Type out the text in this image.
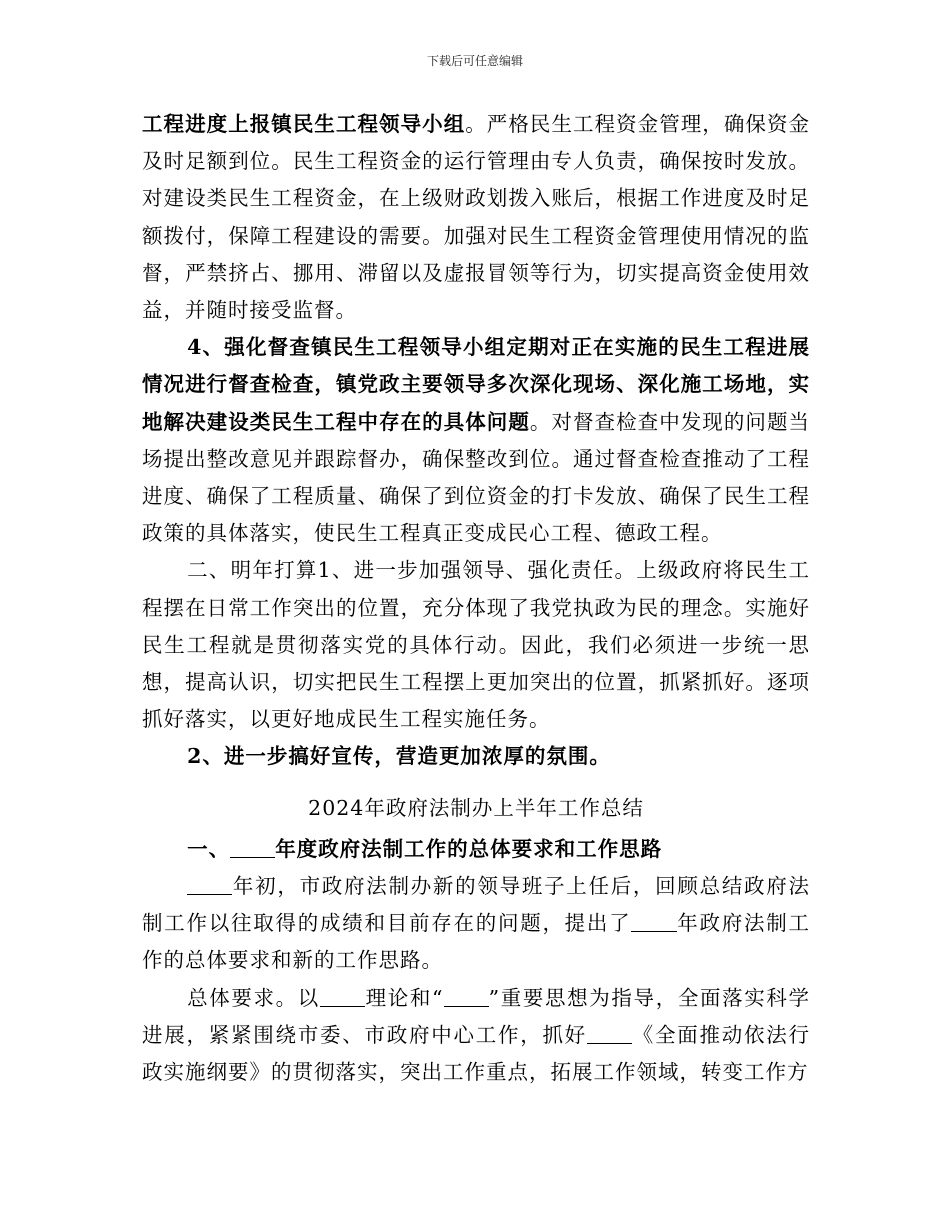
下载后可任意编辑

工程进度上报镇民生工程领导小组。严格民生工程资金管理，确保资金及时足额到位。民生工程资金的运行管理由专人负责，确保按时发放。对建设类民生工程资金，在上级财政划拨入账后，根据工作进度及时足额拨付，保障工程建设的需要。加强对民生工程资金管理使用情况的监督，严禁挤占、挪用、滞留以及虚报冒领等行为，切实提高资金使用效益，并随时接受监督。

4、强化督查镇民生工程领导小组定期对正在实施的民生工程进展情况进行督查检查，镇党政主要领导多次深化现场、深化施工场地，实地解决建设类民生工程中存在的具体问题。对督查检查中发现的问题当场提出整改意见并跟踪督办，确保整改到位。通过督查检查推动了工程进度、确保了工程质量、确保了到位资金的打卡发放、确保了民生工程政策的具体落实，使民生工程真正变成民心工程、德政工程。

二、明年打算1、进一步加强领导、强化责任。上级政府将民生工程摆在日常工作突出的位置，充分体现了我党执政为民的理念。实施好民生工程就是贯彻落实党的具体行动。因此，我们必须进一步统一思想，提高认识，切实把民生工程摆上更加突出的位置，抓紧抓好。逐项抓好落实，以更好地成民生工程实施任务。

2、进一步搞好宣传，营造更加浓厚的氛围。

2024年政府法制办上半年工作总结

一、 年度政府法制工作的总体要求和工作思路

年初，市政府法制办新的领导班子上任后，回顾总结政府法制工作以往取得的成绩和目前存在的问题，提出了 年政府法制工作的总体要求和新的工作思路。

总体要求。以 理论和“ ”重要思想为指导，全面落实科学进展，紧紧围绕市委、市政府中心工作，抓好 《全面推动依法行政实施纲要》的贯彻落实，突出工作重点，拓展工作领域，转变工作方
